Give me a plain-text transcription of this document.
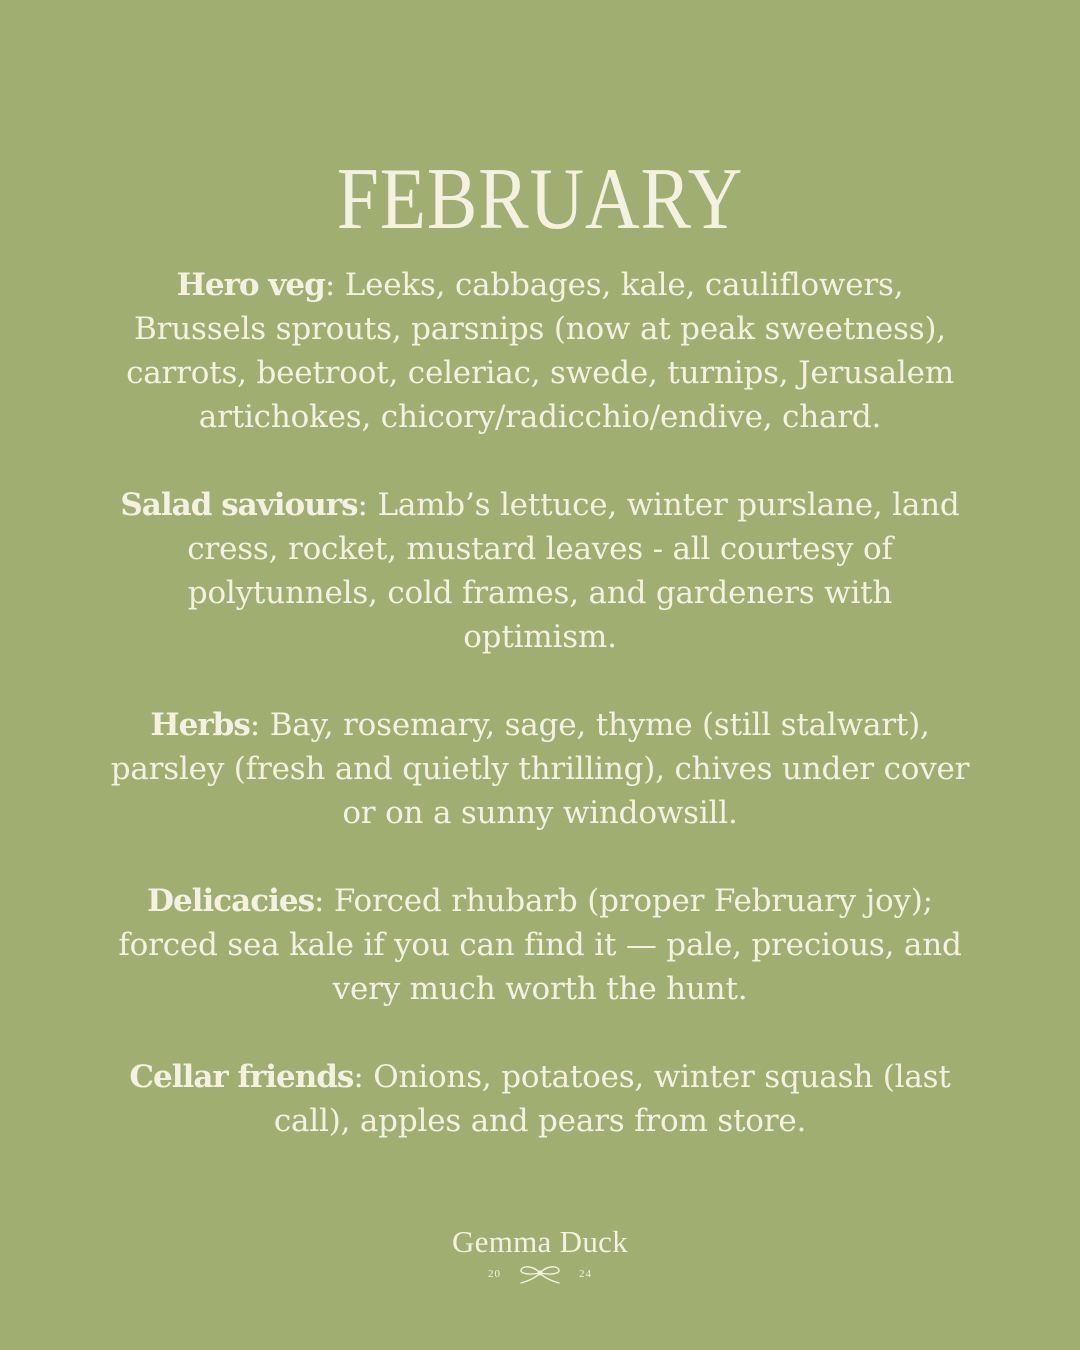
FEBRUARY

Hero veg: Leeks, cabbages, kale, cauliflowers, Brussels sprouts, parsnips (now at peak sweetness), carrots, beetroot, celeriac, swede, turnips, Jerusalem artichokes, chicory/radicchio/endive, chard.

Salad saviours: Lamb’s lettuce, winter purslane, land cress, rocket, mustard leaves - all courtesy of polytunnels, cold frames, and gardeners with optimism.

Herbs: Bay, rosemary, sage, thyme (still stalwart), parsley (fresh and quietly thrilling), chives under cover or on a sunny windowsill.

Delicacies: Forced rhubarb (proper February joy); forced sea kale if you can find it — pale, precious, and very much worth the hunt.

Cellar friends: Onions, potatoes, winter squash (last call), apples and pears from store.

Gemma Duck
20	24
